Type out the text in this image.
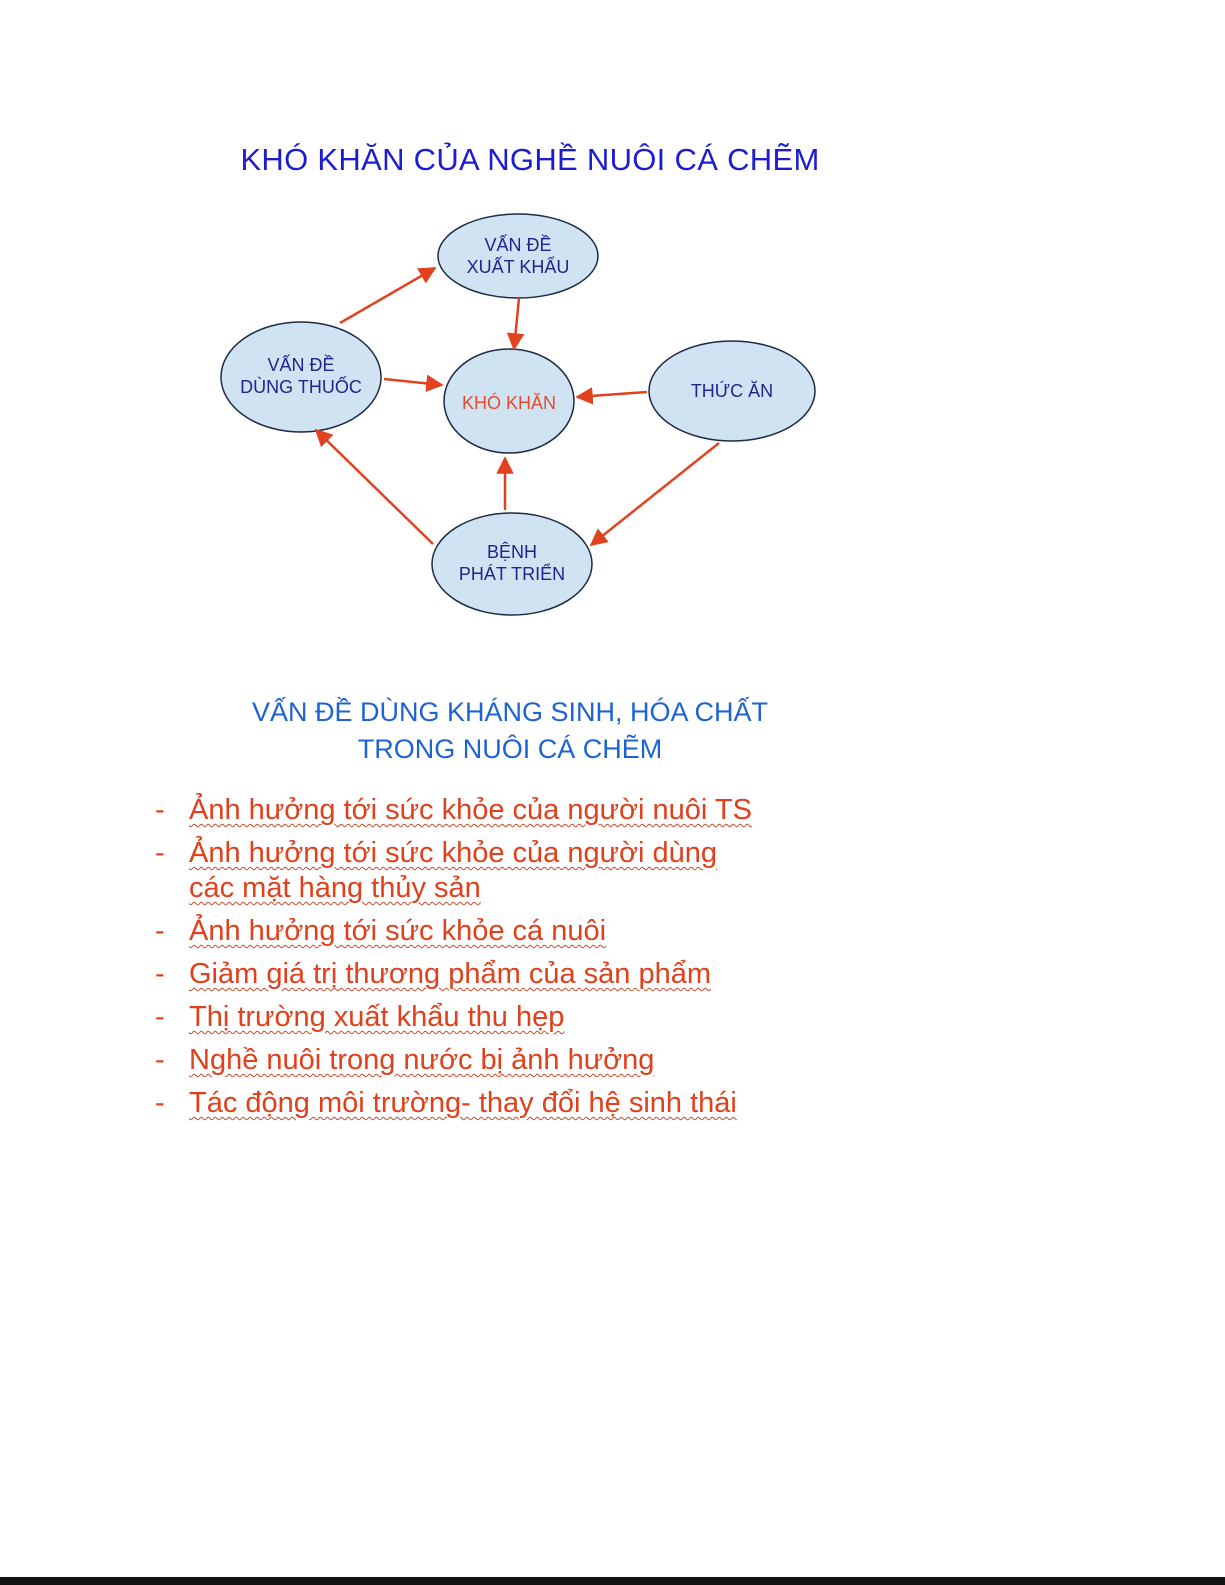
KHÓ KHĂN CỦA NGHỀ NUÔI CÁ CHẼM
VẤN ĐỀ
XUẤT KHẨU
VẤN ĐỀ
DÙNG THUỐC
KHÓ KHĂN
THỨC ĂN
BỆNH
PHÁT TRIỂN
VẤN ĐỀ DÙNG KHÁNG SINH, HÓA CHẤT
TRONG NUÔI CÁ CHẼM
- Ảnh hưởng tới sức khỏe của người nuôi TS
- Ảnh hưởng tới sức khỏe của người dùng
các mặt hàng thủy sản
- Ảnh hưởng tới sức khỏe cá nuôi
- Giảm giá trị thương phẩm của sản phẩm
- Thị trường xuất khẩu thu hẹp
- Nghề nuôi trong nước bị ảnh hưởng
- Tác động môi trường- thay đổi hệ sinh thái
